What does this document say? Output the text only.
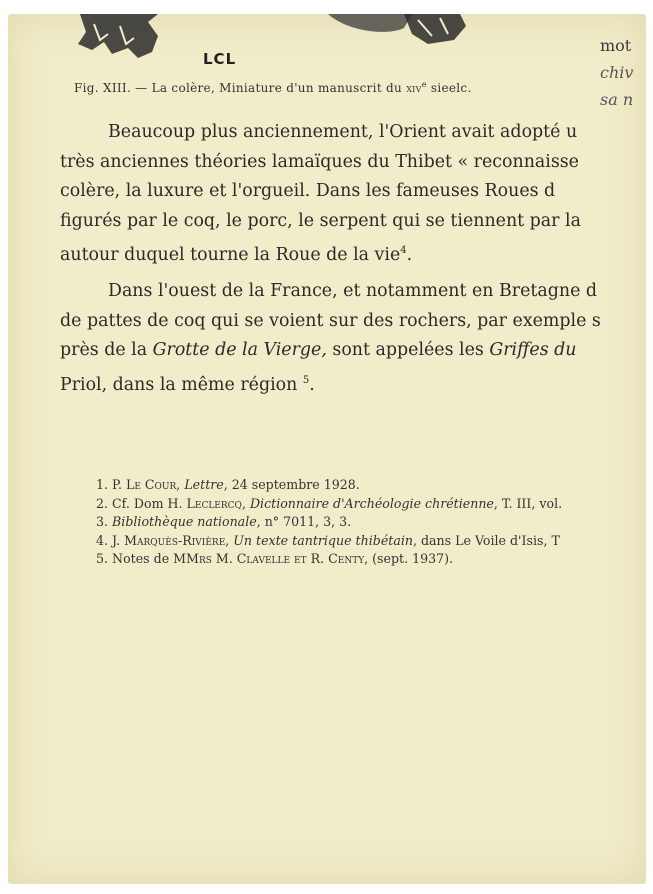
LCL
Fig. XIII. — La colère, Miniature d'un manuscrit du xiv$^e$ sieelc.
mot
chiv
sa n
Beaucoup plus anciennement, l'Orient avait adopté u
très anciennes théories lamaïques du Thibet « reconnaisse
colère, la luxure et l'orgueil. Dans les fameuses Roues d
figurés par le coq, le porc, le serpent qui se tiennent par la
autour duquel tourne la Roue de la vie$^4$.
Dans l'ouest de la France, et notamment en Bretagne d
de pattes de coq qui se voient sur des rochers, par exemple s
près de la Grotte de la Vierge, sont appelées les Griffes du
Priol, dans la même région $^5$.
1. P. Le Cour, Lettre, 24 septembre 1928.
2. Cf. Dom H. Leclercq, Dictionnaire d'Archéologie chrétienne, T. III, vol.
3. Bibliothèque nationale, n° 7011, 3, 3.
4. J. Marquès-Rivière, Un texte tantrique thibétain, dans Le Voile d'Isis, T
5. Notes de MMrs M. Clavelle et R. Centy, (sept. 1937).
